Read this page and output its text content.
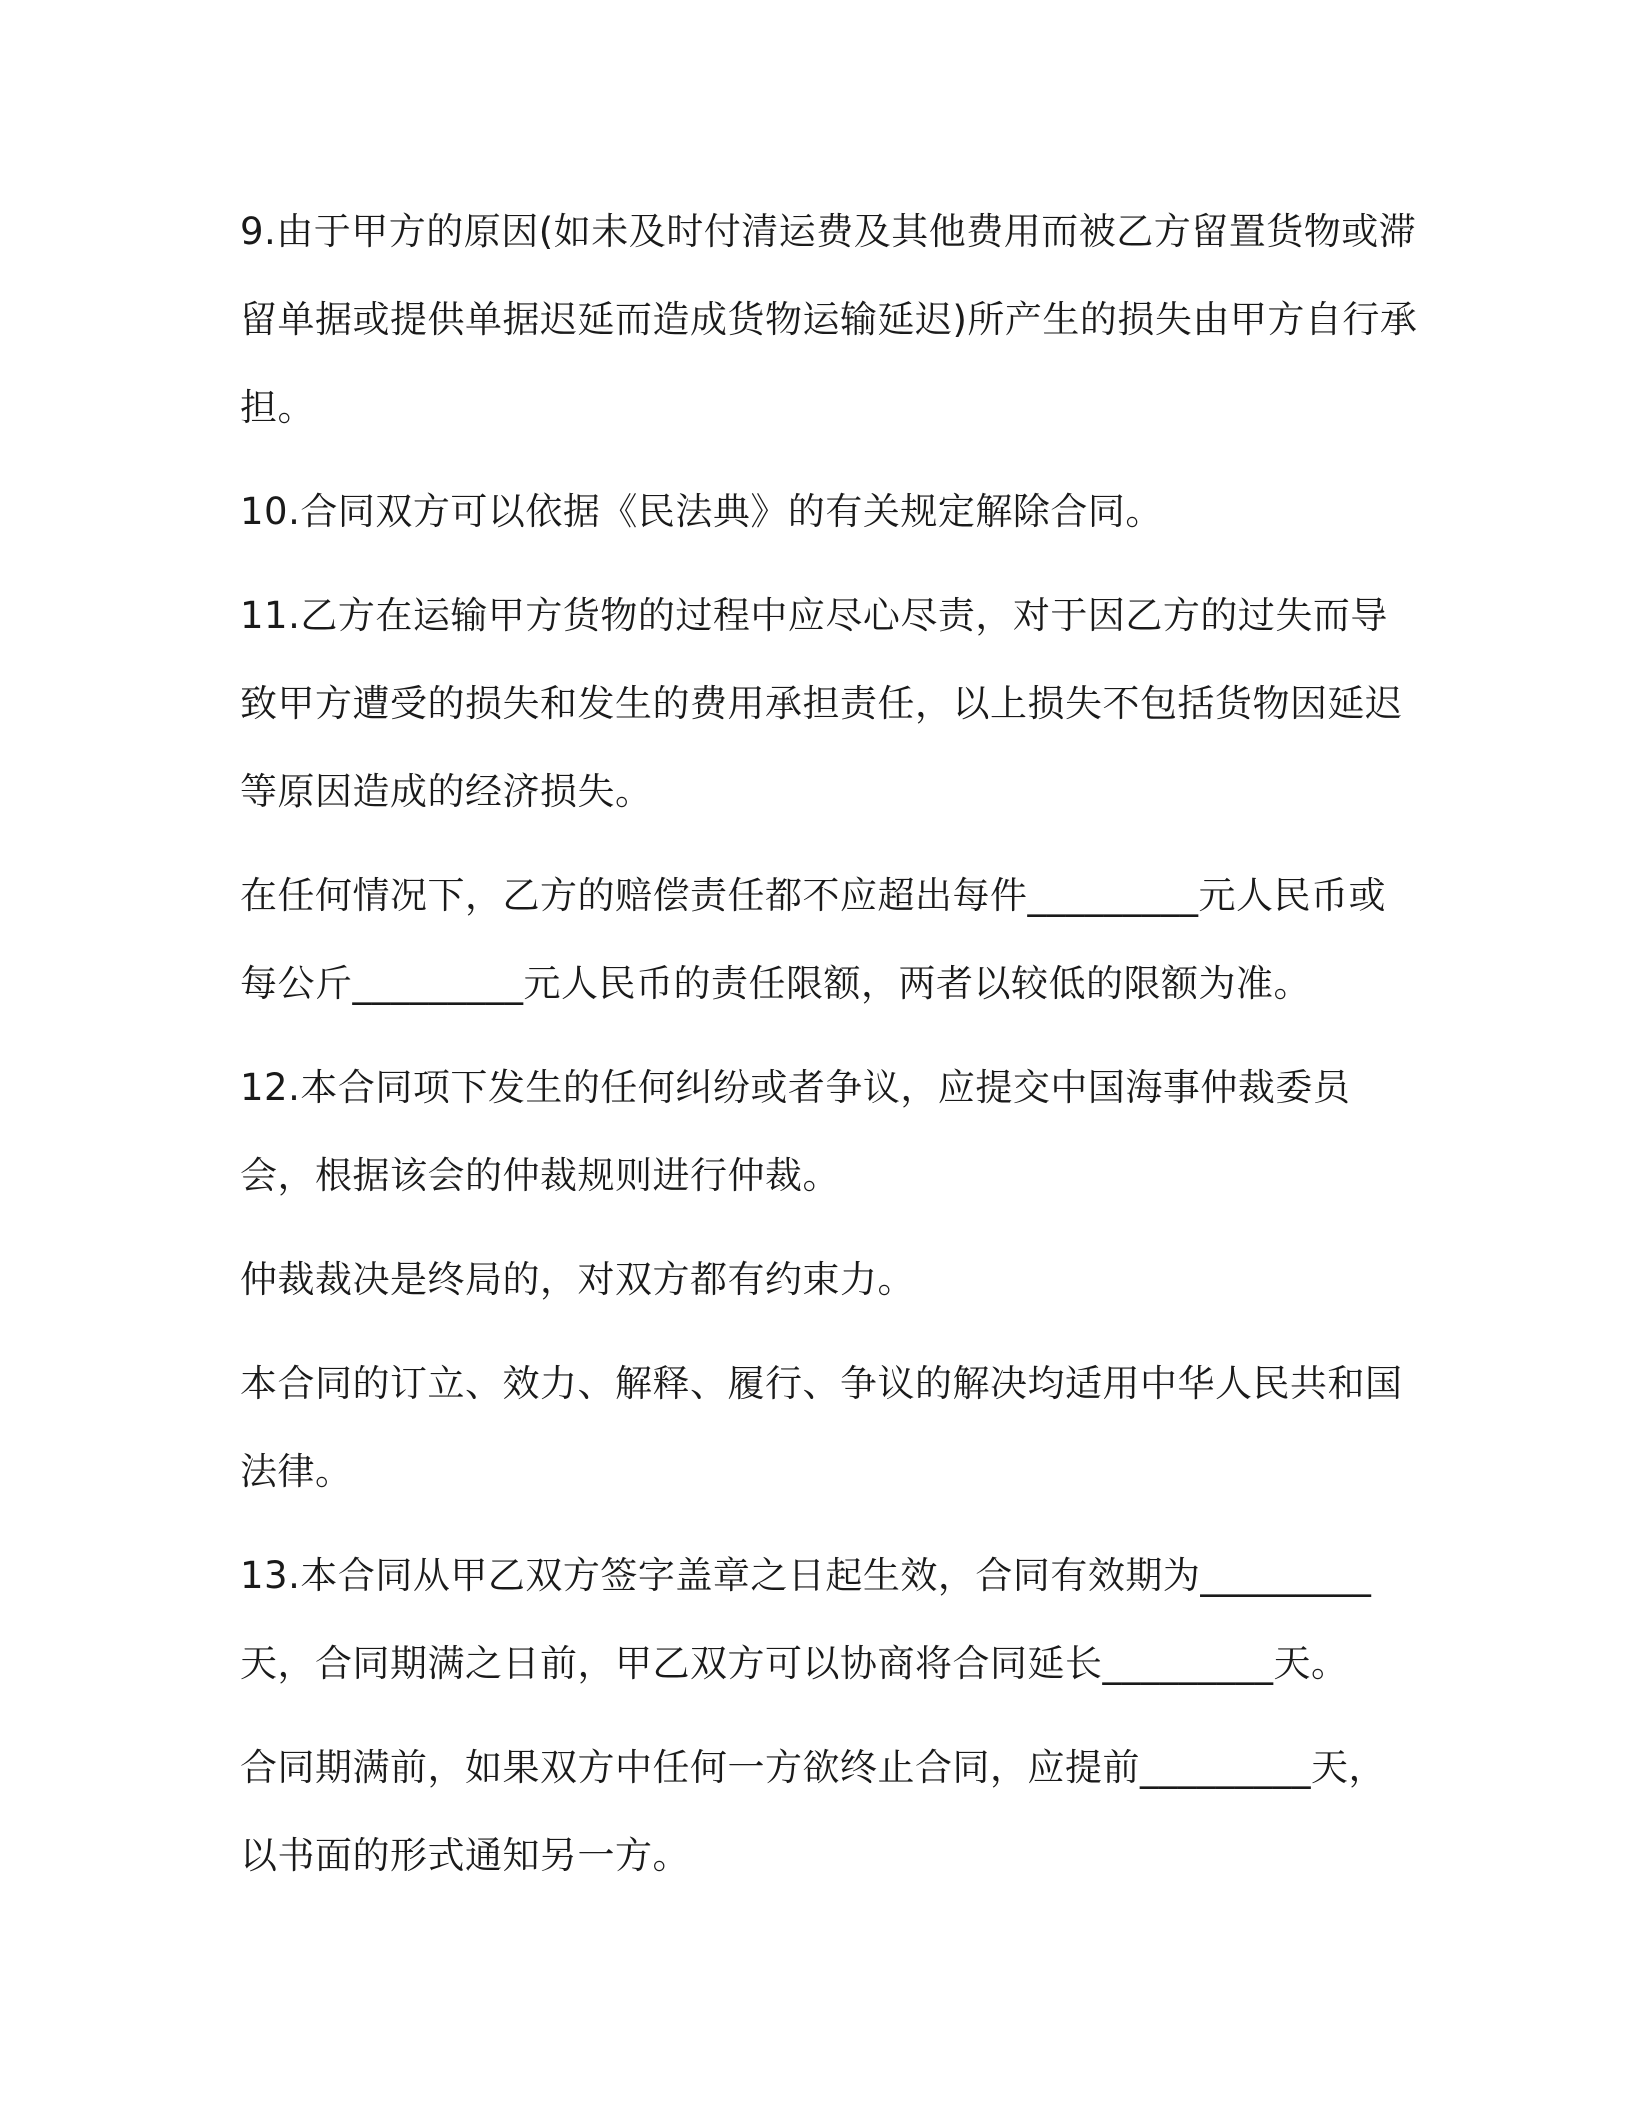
9.由于甲方的原因(如未及时付清运费及其他费用而被乙方留置货物或滞留单据或提供单据迟延而造成货物运输延迟)所产生的损失由甲方自行承担。

10.合同双方可以依据《民法典》的有关规定解除合同。

11.乙方在运输甲方货物的过程中应尽心尽责，对于因乙方的过失而导致甲方遭受的损失和发生的费用承担责任，以上损失不包括货物因延迟等原因造成的经济损失。

在任何情况下，乙方的赔偿责任都不应超出每件_________元人民币或每公斤_________元人民币的责任限额，两者以较低的限额为准。

12.本合同项下发生的任何纠纷或者争议，应提交中国海事仲裁委员会，根据该会的仲裁规则进行仲裁。

仲裁裁决是终局的，对双方都有约束力。

本合同的订立、效力、解释、履行、争议的解决均适用中华人民共和国法律。

13.本合同从甲乙双方签字盖章之日起生效，合同有效期为_________天，合同期满之日前，甲乙双方可以协商将合同延长_________天。

合同期满前，如果双方中任何一方欲终止合同，应提前_________天，以书面的形式通知另一方。
